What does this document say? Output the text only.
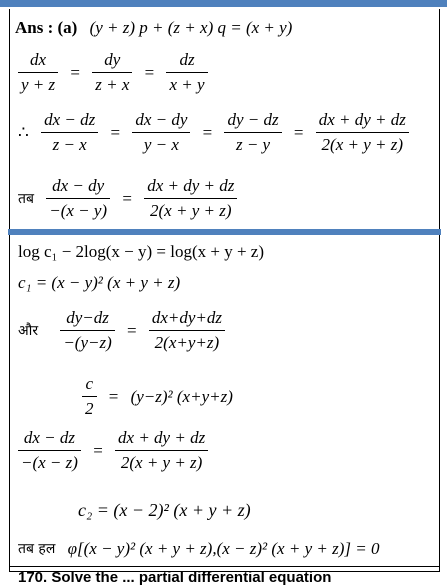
Ans : (a) (y + z) p + (z + x) q = (x + y)
$\frac{dx}{y + z} = \frac{dy}{z + x} = \frac{dz}{x + y}$
∴ $\frac{dx - dz}{z - x} = \frac{dx - dy}{y - x} = \frac{dy - dz}{z - y} = \frac{dx + dy + dz}{2(x + y + z)}$
तब $\frac{dx - dy}{-(x - y)} = \frac{dx + dy + dz}{2(x + y + z)}$
log c₁ − 2log(x − y) = log(x + y + z)
c₁ = (x − y)² (x + y + z)
और $\frac{dy-dz}{-(y-z)} = \frac{dx+dy+dz}{2(x+y+z)}$
$\frac{c}{2} = (y-z)^2$ (x+y+z)
$\frac{dx - dz}{-(x - z)} = \frac{dx + dy + dz}{2(x + y + z)}$
c₂ = (x − 2)² (x + y + z)
तब हल φ[(x − y)² (x + y + z),(x − z)² (x + y + z)] = 0
170. Solve the ... partial differential equation
